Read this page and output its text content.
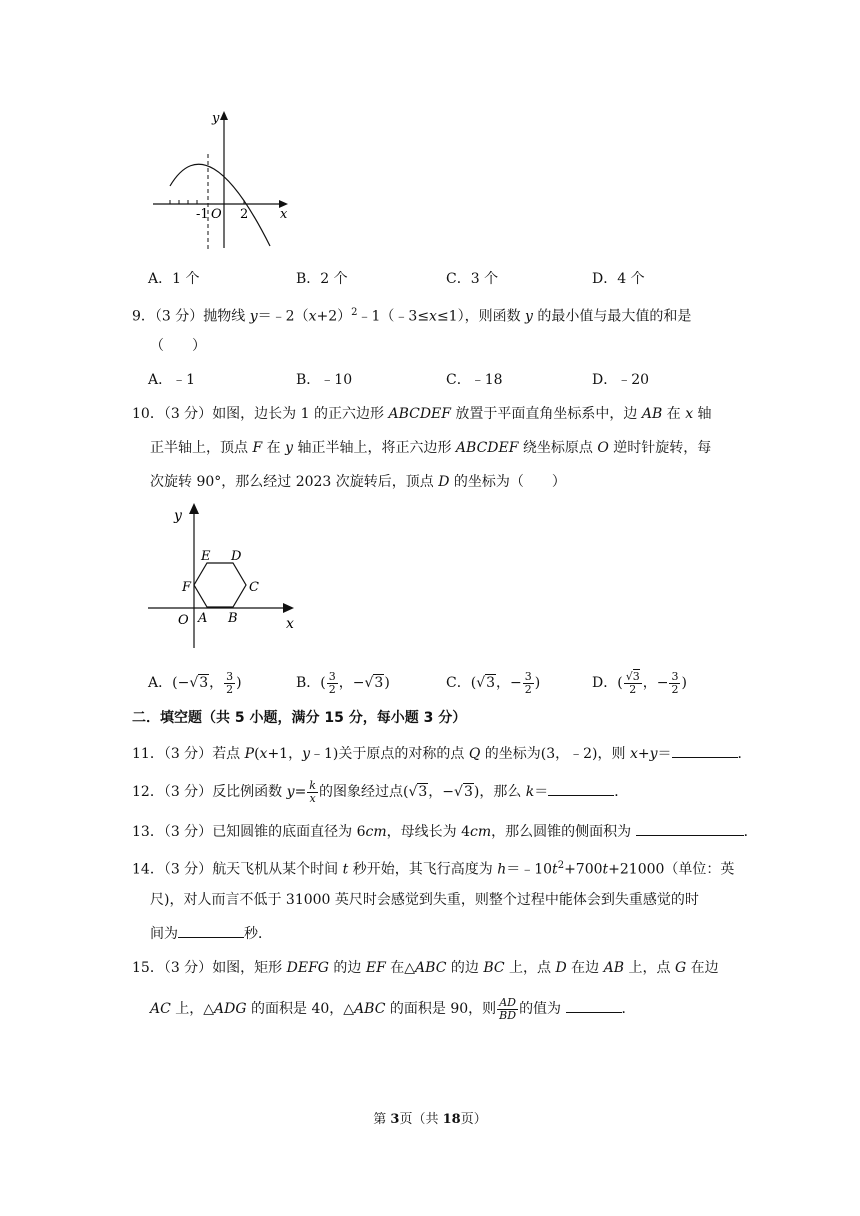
y
x
-1 O 2
A．1 个	B．2 个	C．3 个	D．4 个
9．（3 分）抛物线 $y=﹣2(x+2)^2﹣1(﹣3\le x\le 1)$，则函数 y 的最小值与最大值的和是
（　　）
A．﹣1	B．﹣10	C．﹣18	D．﹣20
10．（3 分）如图，边长为 1 的正六边形 ABCDEF 放置于平面直角坐标系中，边 AB 在 x 轴
正半轴上，顶点 F 在 y 轴正半轴上，将正六边形 ABCDEF 绕坐标原点 O 逆时针旋转，每
次旋转 90°，那么经过 2023 次旋转后，顶点 D 的坐标为（　　）
y
x
E D
F	C
O A B
A．(−√3， $\frac{3}{2}$ )	B．( $\frac{3}{2}$ ，−√3)	C．(√3，− $\frac{3}{2}$ )	D．( $\frac{√3}{2}$ ，− $\frac{3}{2}$ )
二．填空题（共 5 小题，满分 15 分，每小题 3 分）
11．（3 分）若点 P(x+1，y﹣1)关于原点的对称的点 Q 的坐标为(3，﹣2)，则 x+y＝	．
12．（3 分）反比例函数 $y= \frac{k}{x}$ 的图象经过点(√3，−√3)，那么 k＝	．
13．（3 分）已知圆锥的底面直径为 6cm，母线长为 4cm，那么圆锥的侧面积为	．
14．（3 分）航天飞机从某个时间 t 秒开始，其飞行高度为 $h=﹣10t^2+700t+21000$（单位：英
尺)，对人而言不低于 31000 英尺时会感觉到失重，则整个过程中能体会到失重感觉的时
间为	秒．
15．（3 分）如图，矩形 DEFG 的边 EF 在△ABC 的边 BC 上，点 D 在边 AB 上，点 G 在边
AC 上，△ADG 的面积是 40，△ABC 的面积是 90，则 $\frac{AD}{BD}$ 的值为	．
第 3页（共 18页）
